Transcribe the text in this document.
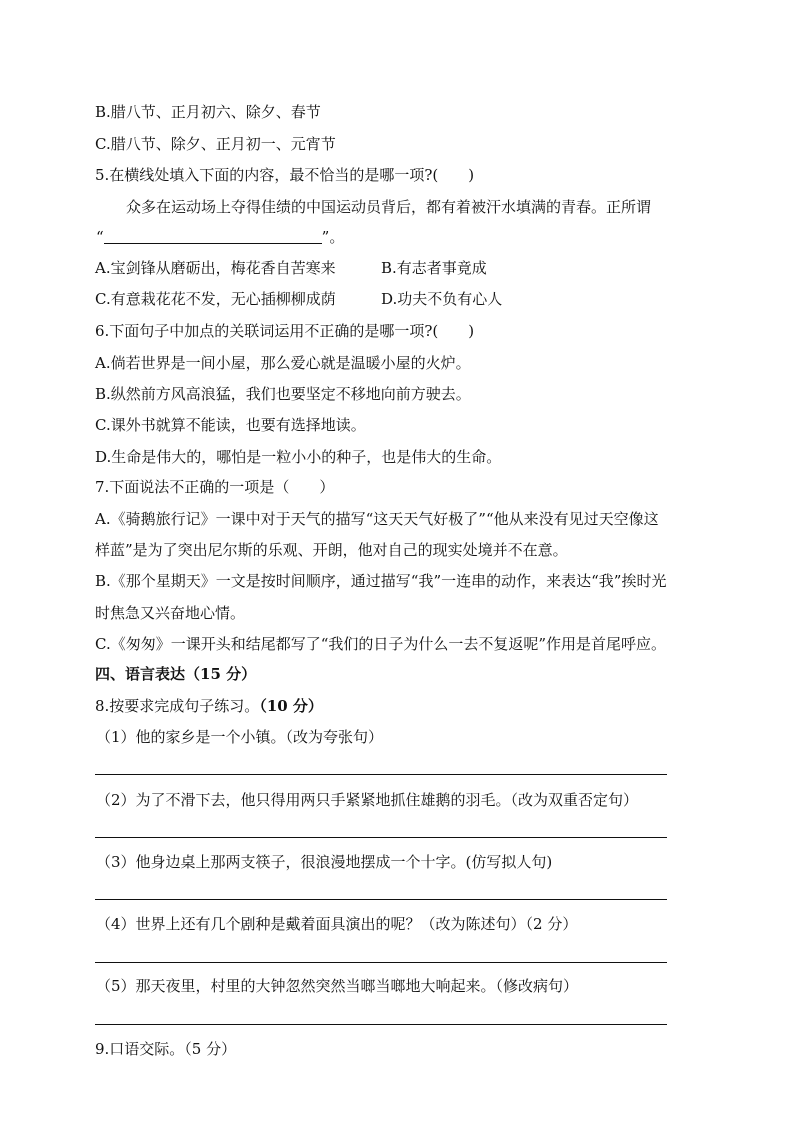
B.腊八节、正月初六、除夕、春节
C.腊八节、除夕、正月初一、元宵节
5.在横线处填入下面的内容，最不恰当的是哪一项?(　　)
众多在运动场上夺得佳绩的中国运动员背后，都有着被汗水填满的青春。正所谓
“	”。
A.宝剑锋从磨砺出，梅花香自苦寒来	B.有志者事竟成
C.有意栽花花不发，无心插柳柳成荫	D.功夫不负有心人
6.下面句子中加点的关联词运用不正确的是哪一项?(　　)
A.倘若世界是一间小屋，那么爱心就是温暖小屋的火炉。
B.纵然前方风高浪猛，我们也要坚定不移地向前方驶去。
C.课外书就算不能读，也要有选择地读。
D.生命是伟大的，哪怕是一粒小小的种子，也是伟大的生命。
7.下面说法不正确的一项是（　　）
A.《骑鹅旅行记》一课中对于天气的描写“这天天气好极了”“他从来没有见过天空像这
样蓝”是为了突出尼尔斯的乐观、开朗，他对自己的现实处境并不在意。
B.《那个星期天》一文是按时间顺序，通过描写“我”一连串的动作，来表达“我”挨时光
时焦急又兴奋地心情。
C.《匆匆》一课开头和结尾都写了“我们的日子为什么一去不复返呢”作用是首尾呼应。
四、语言表达（15 分）
8.按要求完成句子练习。（10 分）
（1）他的家乡是一个小镇。（改为夸张句）
（2）为了不滑下去，他只得用两只手紧紧地抓住雄鹅的羽毛。（改为双重否定句）
（3）他身边桌上那两支筷子，很浪漫地摆成一个十字。(仿写拟人句)
（4）世界上还有几个剧种是戴着面具演出的呢？（改为陈述句）（2 分）
（5）那天夜里，村里的大钟忽然突然当啷当啷地大响起来。（修改病句）
9.口语交际。（5 分）
